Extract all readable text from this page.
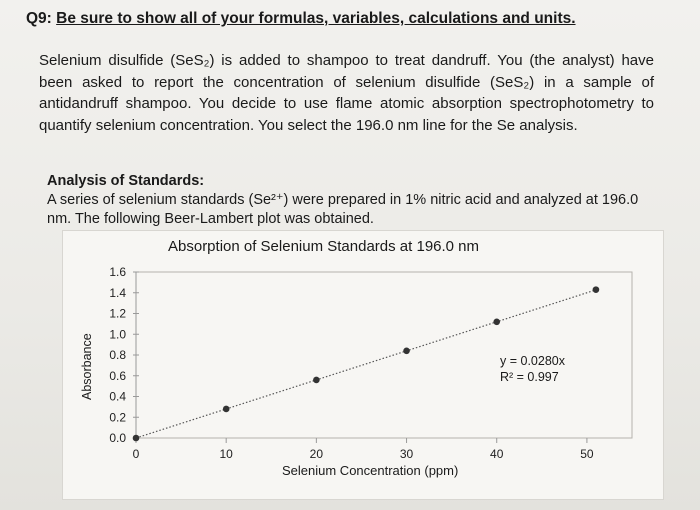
Q9: Be sure to show all of your formulas, variables, calculations and units.
Selenium disulfide (SeS₂) is added to shampoo to treat dandruff. You (the analyst) have been asked to report the concentration of selenium disulfide (SeS₂) in a sample of antidandruff shampoo. You decide to use flame atomic absorption spectrophotometry to quantify selenium concentration. You select the 196.0 nm line for the Se analysis.
Analysis of Standards:
A series of selenium standards (Se²⁺) were prepared in 1% nitric acid and analyzed at 196.0 nm. The following Beer-Lambert plot was obtained.
Absorption of Selenium Standards at 196.0 nm
Absorbance
Selenium Concentration (ppm)
y = 0.0280x
R² = 0.997
0.0
0.2
0.4
0.6
0.8
1.0
1.2
1.4
1.6
0	10	20	30	40	50
